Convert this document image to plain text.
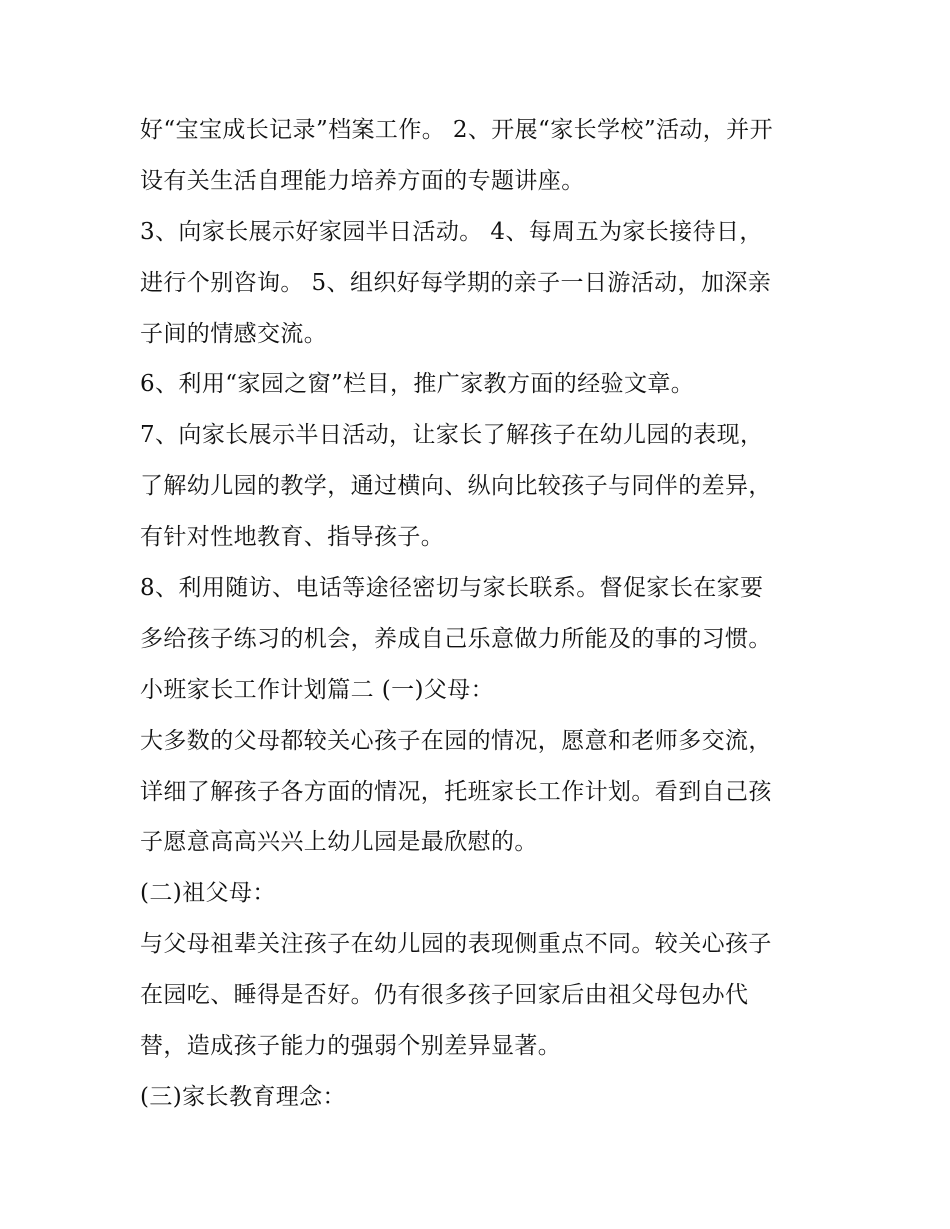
好“宝宝成长记录”档案工作。 2、开展“家长学校”活动，并开

设有关生活自理能力培养方面的专题讲座。

3、向家长展示好家园半日活动。 4、每周五为家长接待日，

进行个别咨询。 5、组织好每学期的亲子一日游活动，加深亲

子间的情感交流。

6、利用“家园之窗”栏目，推广家教方面的经验文章。

7、向家长展示半日活动，让家长了解孩子在幼儿园的表现，

了解幼儿园的教学，通过横向、纵向比较孩子与同伴的差异，

有针对性地教育、指导孩子。

8、利用随访、电话等途径密切与家长联系。督促家长在家要

多给孩子练习的机会，养成自己乐意做力所能及的事的习惯。

小班家长工作计划篇二 (一)父母：

大多数的父母都较关心孩子在园的情况，愿意和老师多交流，

详细了解孩子各方面的情况，托班家长工作计划。看到自己孩

子愿意高高兴兴上幼儿园是最欣慰的。

(二)祖父母：

与父母祖辈关注孩子在幼儿园的表现侧重点不同。较关心孩子

在园吃、睡得是否好。仍有很多孩子回家后由祖父母包办代

替，造成孩子能力的强弱个别差异显著。

(三)家长教育理念：
